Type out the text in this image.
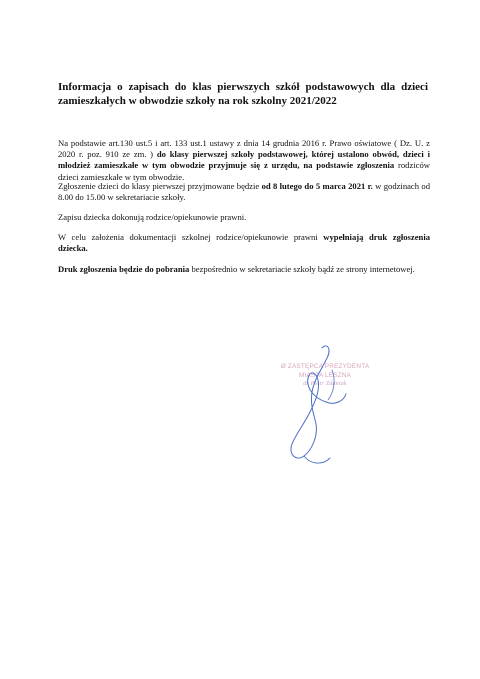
Informacja o zapisach do klas pierwszych szkół podstawowych dla dzieci zamieszkałych w obwodzie szkoły na rok szkolny 2021/2022

Na podstawie art.130 ust.5 i art. 133 ust.1 ustawy z dnia 14 grudnia 2016 r. Prawo oświatowe ( Dz. U. z 2020 r. poz. 910 ze zm. ) do klasy pierwszej szkoły podstawowej, której ustalono obwód, dzieci i młodzież zamieszkałe w tym obwodzie przyjmuje się z urzędu, na podstawie zgłoszenia rodziców dzieci zamieszkałe w tym obwodzie.

Zgłoszenie dzieci do klasy pierwszej przyjmowane będzie od 8 lutego do 5 marca 2021 r. w godzinach od 8.00 do 15.00 w sekretariacie szkoły.

Zapisu dziecka dokonują rodzice/opiekunowie prawni.

W celu założenia dokumentacji szkolnej rodzice/opiekunowie prawni wypełniają druk zgłoszenia dziecka.

Druk zgłoszenia będzie do pobrania bezpośrednio w sekretariacie szkoły bądź ze strony internetowej.

Ø ZASTĘPCA PREZYDENTA
MIASTA LESZNA
dr Piotr Zdaniak
